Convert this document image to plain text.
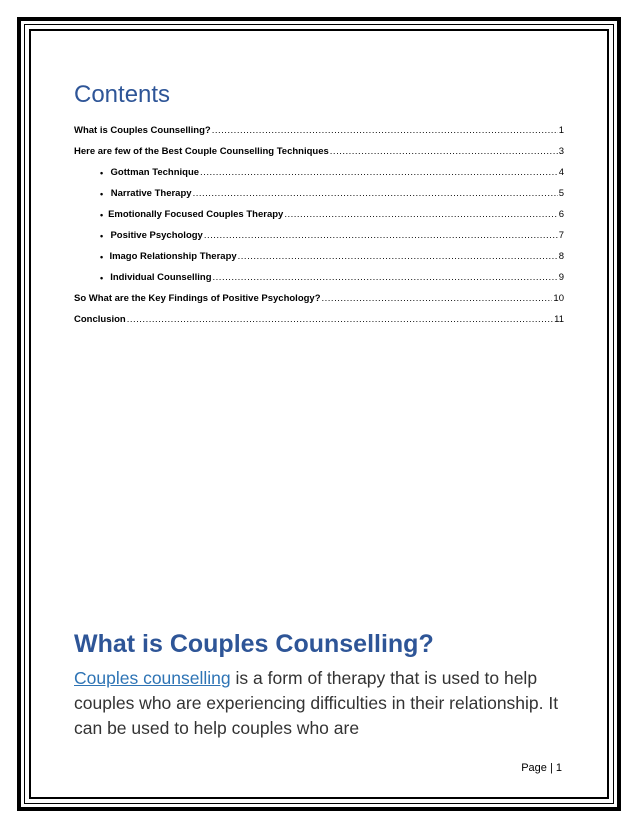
Contents
What is Couples Counselling? .....	1
Here are few of the Best Couple Counselling Techniques .....	3
• Gottman Technique .....	4
• Narrative Therapy .....	5
• Emotionally Focused Couples Therapy .....	6
• Positive Psychology .....	7
• Imago Relationship Therapy .....	8
• Individual Counselling .....	9
So What are the Key Findings of Positive Psychology? .....	10
Conclusion .....	11
What is Couples Counselling?

Couples counselling is a form of therapy that is used to help couples who are experiencing difficulties in their relationship. It can be used to help couples who are

Page | 1
